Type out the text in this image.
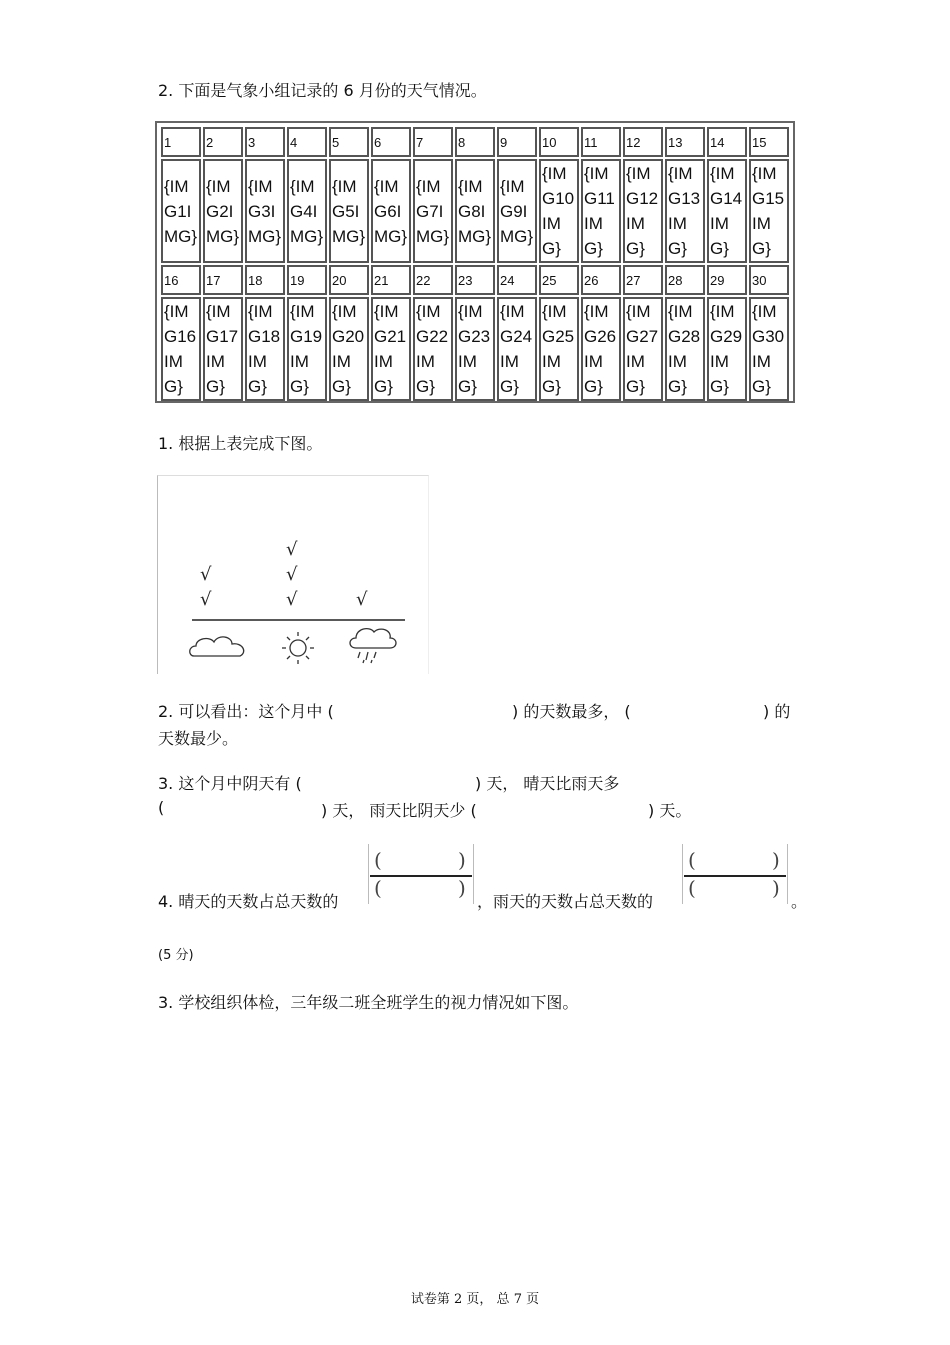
2. 下面是气象小组记录的 6 月份的天气情况。
1	2	3	4	5	6	7	8	9	10	11	12	13	14	15
{IMG1IMG}	{IMG2IMG}	{IMG3IMG}	{IMG4IMG}	{IMG5IMG}	{IMG6IMG}	{IMG7IMG}	{IMG8IMG}	{IMG9IMG}	{IMG10IMG}	{IMG11IMG}	{IMG12IMG}	{IMG13IMG}	{IMG14IMG}	{IMG15IMG}
16	17	18	19	20	21	22	23	24	25	26	27	28	29	30
{IMG16IMG}	{IMG17IMG}	{IMG18IMG}	{IMG19IMG}	{IMG20IMG}	{IMG21IMG}	{IMG22IMG}	{IMG23IMG}	{IMG24IMG}	{IMG25IMG}	{IMG26IMG}	{IMG27IMG}	{IMG28IMG}	{IMG29IMG}	{IMG30IMG}
1. 根据上表完成下图。
√
√
√
√
√
√
2. 可以看出：这个月中 (	) 的天数最多， (	) 的
天数最少。
3. 这个月中阴天有 (	) 天， 晴天比雨天多
(	) 天， 雨天比阴天少 (	) 天。
4. 晴天的天数占总天数的
(	)
(	)
，雨天的天数占总天数的
(	)
(	)
。
(5 分)
3. 学校组织体检，三年级二班全班学生的视力情况如下图。
试卷第 2 页， 总 7 页
